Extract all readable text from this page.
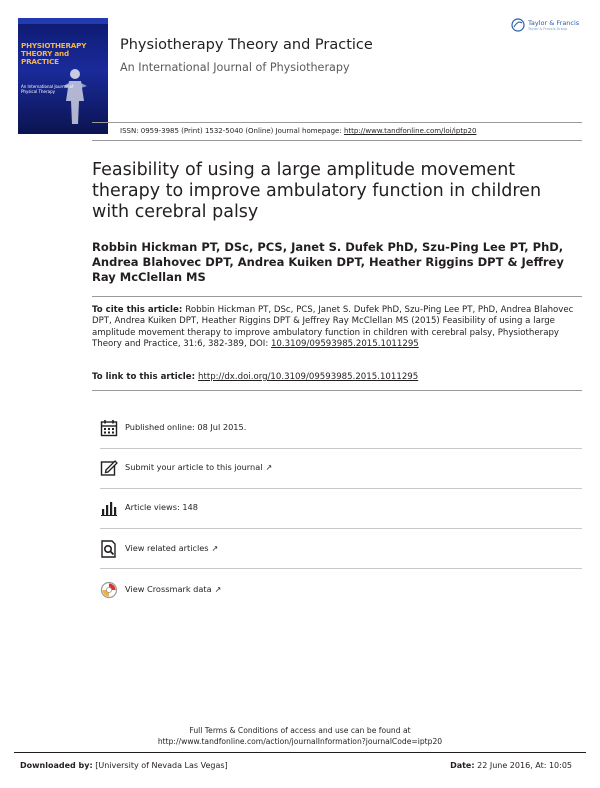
PHYSIOTHERAPY THEORY and PRACTICE
An International Journal of Physical Therapy
Physiotherapy Theory and Practice
An International Journal of Physiotherapy
Taylor & Francis
Taylor & Francis Group
ISSN: 0959-3985 (Print) 1532-5040 (Online) Journal homepage: http://www.tandfonline.com/loi/iptp20
Feasibility of using a large amplitude movement therapy to improve ambulatory function in children with cerebral palsy
Robbin Hickman PT, DSc, PCS, Janet S. Dufek PhD, Szu-Ping Lee PT, PhD, Andrea Blahovec DPT, Andrea Kuiken DPT, Heather Riggins DPT & Jeffrey Ray McClellan MS
To cite this article: Robbin Hickman PT, DSc, PCS, Janet S. Dufek PhD, Szu-Ping Lee PT, PhD, Andrea Blahovec DPT, Andrea Kuiken DPT, Heather Riggins DPT & Jeffrey Ray McClellan MS (2015) Feasibility of using a large amplitude movement therapy to improve ambulatory function in children with cerebral palsy, Physiotherapy Theory and Practice, 31:6, 382-389, DOI: 10.3109/09593985.2015.1011295
To link to this article: http://dx.doi.org/10.3109/09593985.2015.1011295
Published online: 08 Jul 2015.
Submit your article to this journal ↗
Article views: 148
View related articles ↗
View Crossmark data ↗
Full Terms & Conditions of access and use can be found at
http://www.tandfonline.com/action/journalInformation?journalCode=iptp20
Downloaded by: [University of Nevada Las Vegas]	Date: 22 June 2016, At: 10:05
